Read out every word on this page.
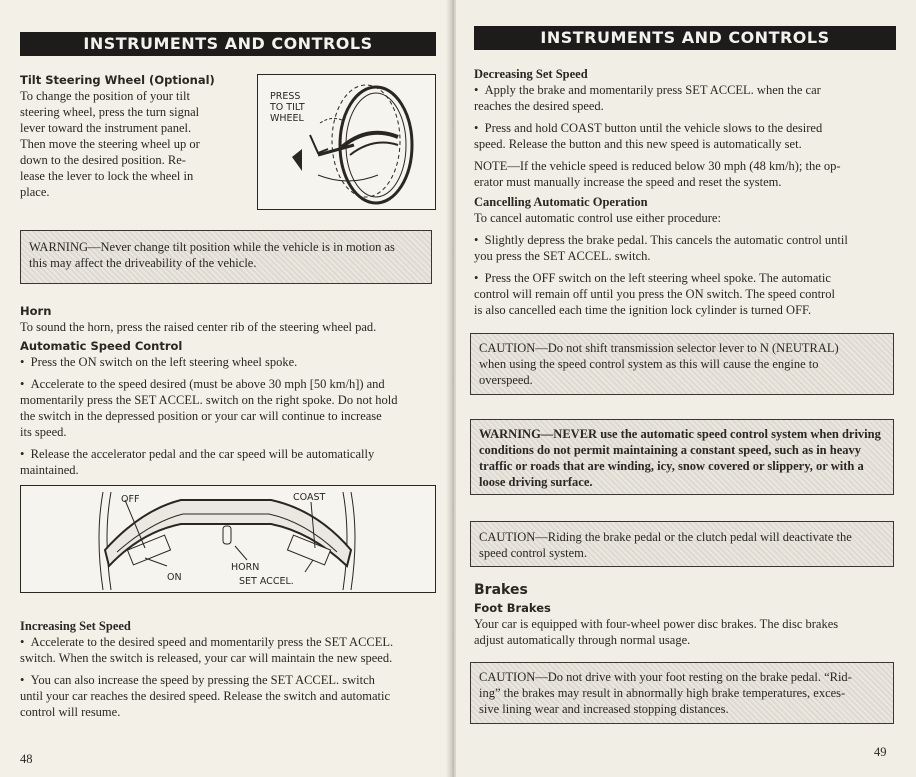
INSTRUMENTS AND CONTROLS

Tilt Steering Wheel (Optional)

To change the position of your tilt

steering wheel, press the turn signal

lever toward the instrument panel.

Then move the steering wheel up or

down to the desired position. Re-

lease the lever to lock the wheel in

place.

PRESS
TO TILT
WHEEL

WARNING—Never change tilt position while the vehicle is in motion as

this may affect the driveability of the vehicle.

Horn

To sound the horn, press the raised center rib of the steering wheel pad.

Automatic Speed Control

•  Press the ON switch on the left steering wheel spoke.

•  Accelerate to the speed desired (must be above 30 mph [50 km/h]) and

momentarily press the SET ACCEL. switch on the right spoke. Do not hold

the switch in the depressed position or your car will continue to increase

its speed.

•  Release the accelerator pedal and the car speed will be automatically

maintained.

OFF	COAST
ON
HORN
SET ACCEL.

Increasing Set Speed

•  Accelerate to the desired speed and momentarily press the SET ACCEL.

switch. When the switch is released, your car will maintain the new speed.

•  You can also increase the speed by pressing the SET ACCEL. switch

until your car reaches the desired speed. Release the switch and automatic

control will resume.

48
INSTRUMENTS AND CONTROLS

Decreasing Set Speed

•  Apply the brake and momentarily press SET ACCEL. when the car

reaches the desired speed.

•  Press and hold COAST button until the vehicle slows to the desired

speed. Release the button and this new speed is automatically set.

NOTE—If the vehicle speed is reduced below 30 mph (48 km/h); the op-

erator must manually increase the speed and reset the system.

Cancelling Automatic Operation

To cancel automatic control use either procedure:

•  Slightly depress the brake pedal. This cancels the automatic control until

you press the SET ACCEL. switch.

•  Press the OFF switch on the left steering wheel spoke. The automatic

control will remain off until you press the ON switch. The speed control

is also cancelled each time the ignition lock cylinder is turned OFF.

CAUTION—Do not shift transmission selector lever to N (NEUTRAL)

when using the speed control system as this will cause the engine to

overspeed.

WARNING—NEVER use the automatic speed control system when driving

conditions do not permit maintaining a constant speed, such as in heavy

traffic or roads that are winding, icy, snow covered or slippery, or with a

loose driving surface.

CAUTION—Riding the brake pedal or the clutch pedal will deactivate the

speed control system.

Brakes

Foot Brakes

Your car is equipped with four-wheel power disc brakes. The disc brakes

adjust automatically through normal usage.

CAUTION—Do not drive with your foot resting on the brake pedal. “Rid-

ing” the brakes may result in abnormally high brake temperatures, exces-

sive lining wear and increased stopping distances.

49
